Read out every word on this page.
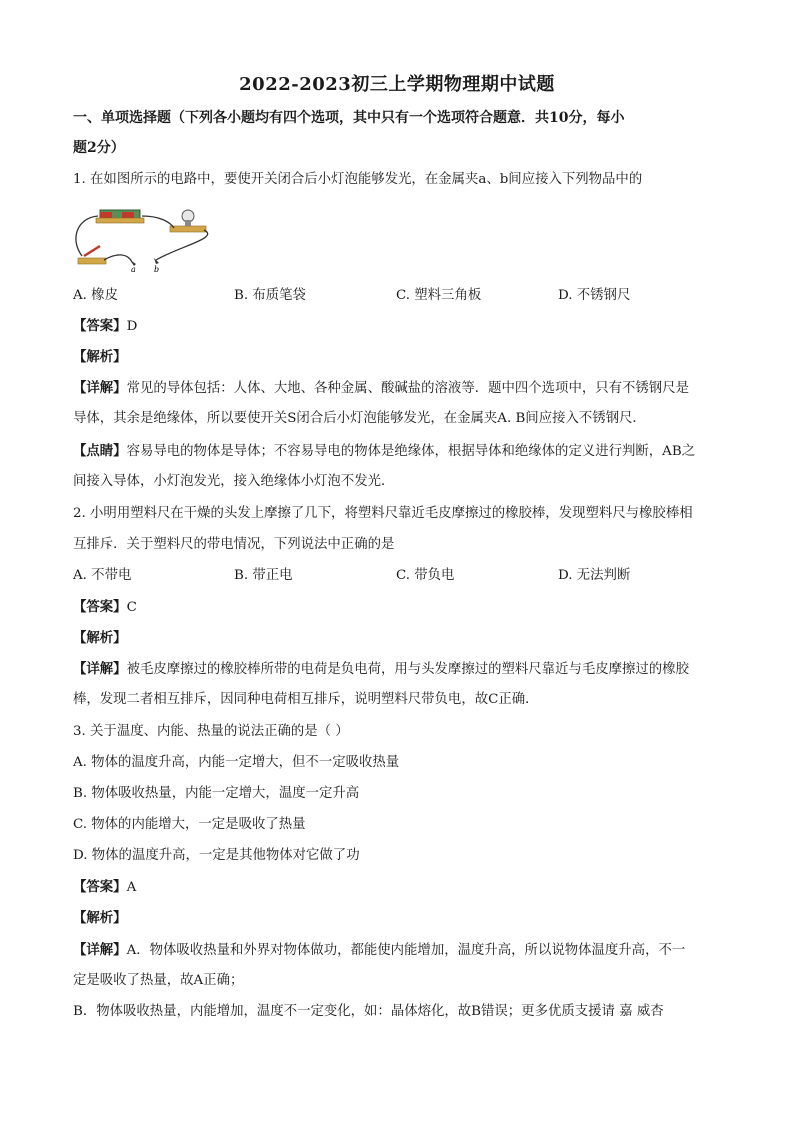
2022-2023初三上学期物理期中试题
一、单项选择题（下列各小题均有四个选项，其中只有一个选项符合题意．共10分，每小
题2分）
1. 在如图所示的电路中，要使开关闭合后小灯泡能够发光，在金属夹a、b间应接入下列物品中的
a b
A. 橡皮	B. 布质笔袋	C. 塑料三角板	D. 不锈钢尺
【答案】D
【解析】
【详解】常见的导体包括：人体、大地、各种金属、酸碱盐的溶液等．题中四个选项中，只有不锈钢尺是
导体，其余是绝缘体，所以要使开关S闭合后小灯泡能够发光，在金属夹A. B间应接入不锈钢尺．
【点睛】容易导电的物体是导体；不容易导电的物体是绝缘体，根据导体和绝缘体的定义进行判断，AB之
间接入导体，小灯泡发光，接入绝缘体小灯泡不发光．
2. 小明用塑料尺在干燥的头发上摩擦了几下，将塑料尺靠近毛皮摩擦过的橡胶棒，发现塑料尺与橡胶棒相
互排斥．关于塑料尺的带电情况，下列说法中正确的是
A. 不带电	B. 带正电	C. 带负电	D. 无法判断
【答案】C
【解析】
【详解】被毛皮摩擦过的橡胶棒所带的电荷是负电荷，用与头发摩擦过的塑料尺靠近与毛皮摩擦过的橡胶
棒，发现二者相互排斥，因同种电荷相互排斥，说明塑料尺带负电，故C正确．
3. 关于温度、内能、热量的说法正确的是（ ）
A. 物体的温度升高，内能一定增大，但不一定吸收热量
B. 物体吸收热量，内能一定增大，温度一定升高
C. 物体的内能增大，一定是吸收了热量
D. 物体的温度升高，一定是其他物体对它做了功
【答案】A
【解析】
【详解】A．物体吸收热量和外界对物体做功，都能使内能增加，温度升高，所以说物体温度升高，不一
定是吸收了热量，故A正确；
B．物体吸收热量，内能增加，温度不一定变化，如：晶体熔化，故B错误；更多优质支援请 嘉 威杏
